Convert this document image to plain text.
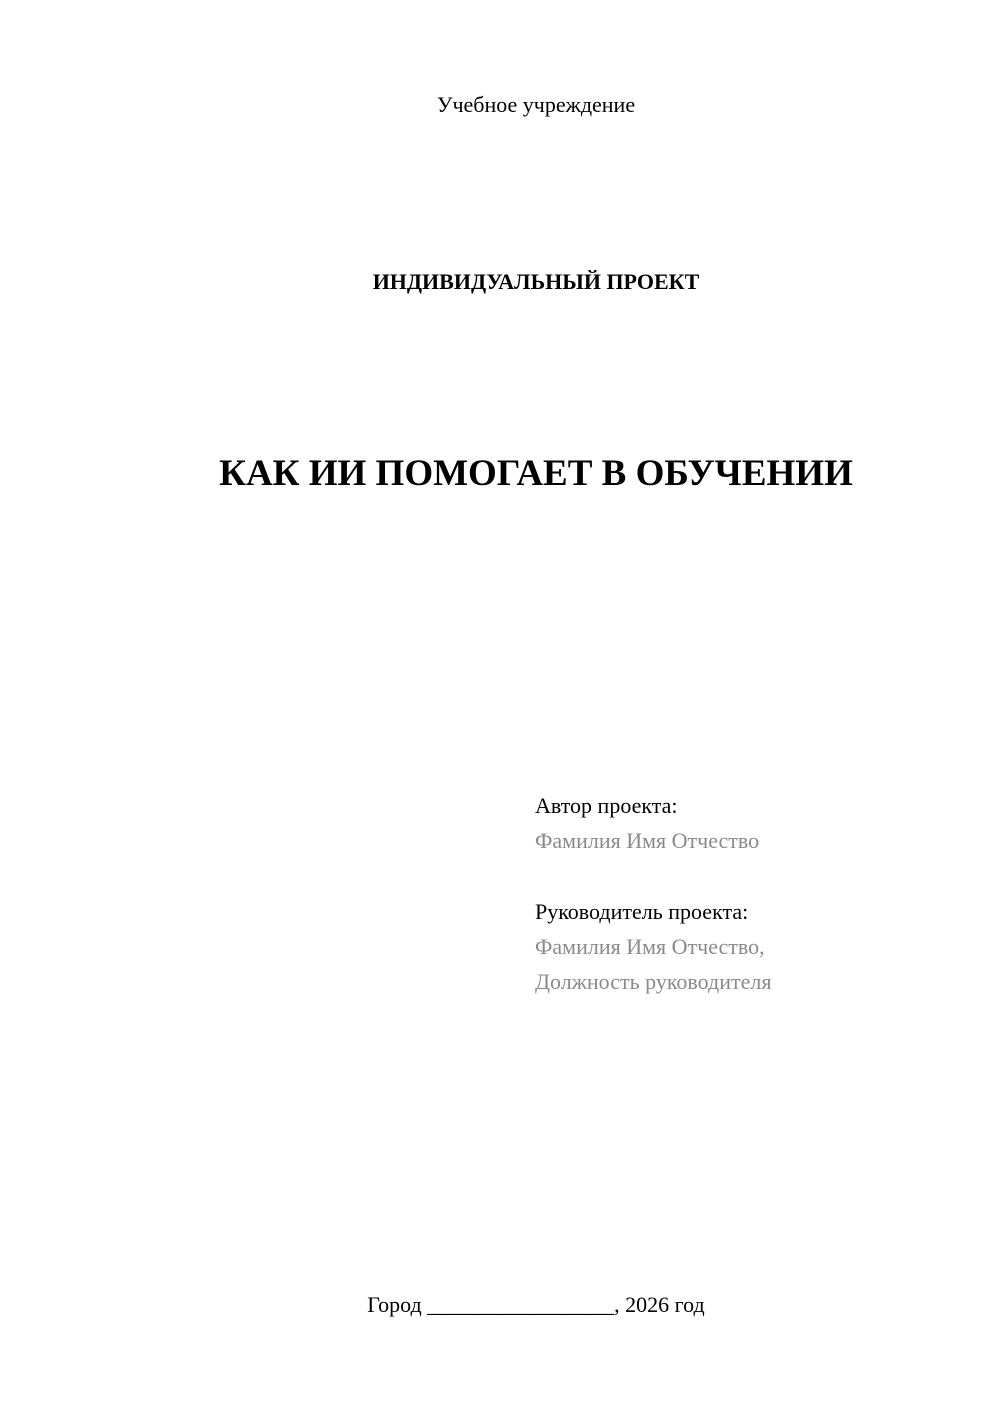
Учебное учреждение
ИНДИВИДУАЛЬНЫЙ ПРОЕКТ
КАК ИИ ПОМОГАЕТ В ОБУЧЕНИИ
Автор проекта:
Фамилия Имя Отчество
Руководитель проекта:
Фамилия Имя Отчество,
Должность руководителя
Город _________________, 2026 год
